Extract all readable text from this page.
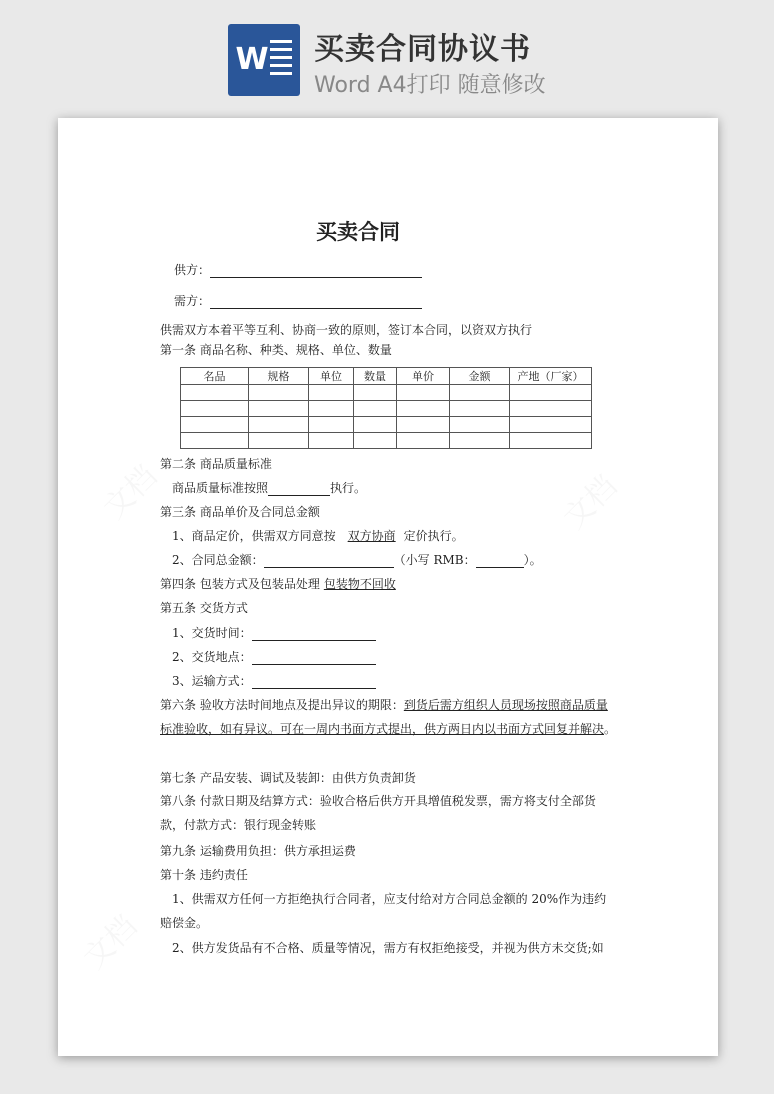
W 买卖合同协议书
Word A4打印 随意修改
买卖合同
供方：
需方：
供需双方本着平等互利、协商一致的原则，签订本合同，以资双方执行
第一条 商品名称、种类、规格、单位、数量
名品	规格	单位	数量	单价	金额	产地（厂家）

第二条 商品质量标准
商品质量标准按照	执行。
第三条 商品单价及合同总金额
1、商品定价，供需双方同意按 双方协商 定价执行。
2、合同总金额：	（小写 RMB：	）。
第四条 包装方式及包装品处理 包装物不回收
第五条 交货方式
1、交货时间：
2、交货地点：
3、运输方式：
第六条 验收方法时间地点及提出异议的期限：到货后需方组织人员现场按照商品质量标准验收，如有异议。可在一周内书面方式提出，供方两日内以书面方式回复并解决。
第七条 产品安装、调试及装卸：由供方负责卸货
第八条 付款日期及结算方式：验收合格后供方开具增值税发票，需方将支付全部货款，付款方式：银行现金转账
第九条 运输费用负担：供方承担运费
第十条 违约责任
1、供需双方任何一方拒绝执行合同者，应支付给对方合同总金额的 20%作为违约赔偿金。
2、供方发货品有不合格、质量等情况，需方有权拒绝接受，并视为供方未交货;如
